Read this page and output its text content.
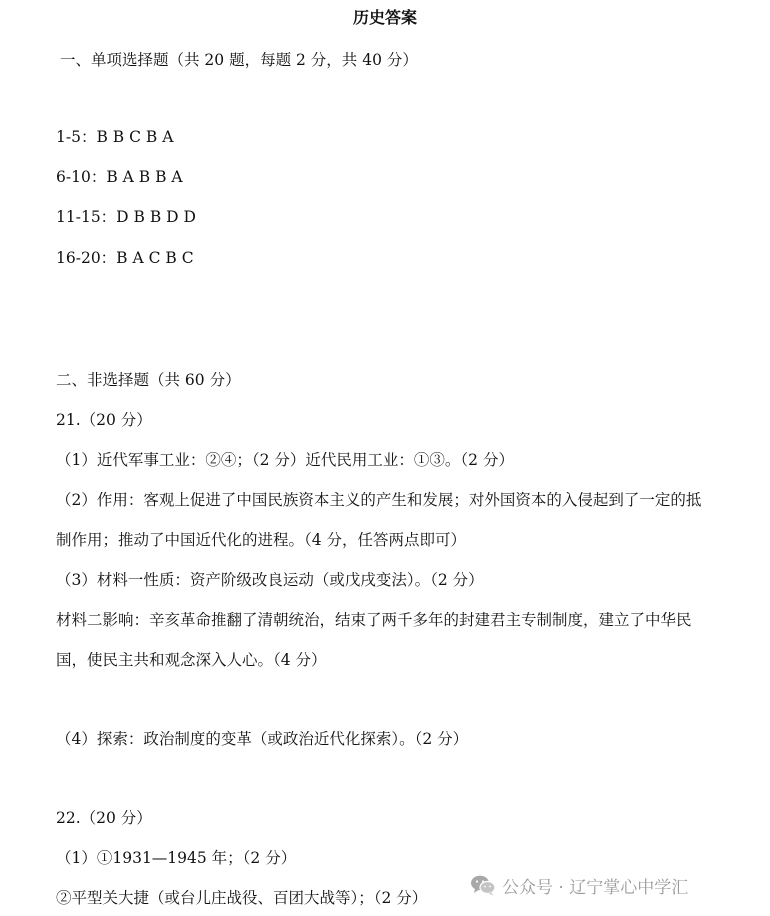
历史答案
一、单项选择题（共 20 题，每题 2 分，共 40 分）
1-5：B B C B A
6-10：B A B B A
11-15：D B B D D
16-20：B A C B C
二、非选择题（共 60 分）
21.（20 分）
（1）近代军事工业：②④；（2 分）近代民用工业：①③。（2 分）
（2）作用：客观上促进了中国民族资本主义的产生和发展；对外国资本的入侵起到了一定的抵
制作用；推动了中国近代化的进程。（4 分，任答两点即可）
（3）材料一性质：资产阶级改良运动（或戊戌变法）。（2 分）
材料二影响：辛亥革命推翻了清朝统治，结束了两千多年的封建君主专制制度，建立了中华民
国，使民主共和观念深入人心。（4 分）
（4）探索：政治制度的变革（或政治近代化探索）。（2 分）
22.（20 分）
（1）①1931—1945 年；（2 分）
②平型关大捷（或台儿庄战役、百团大战等）；（2 分）
公众号 · 辽宁掌心中学汇
